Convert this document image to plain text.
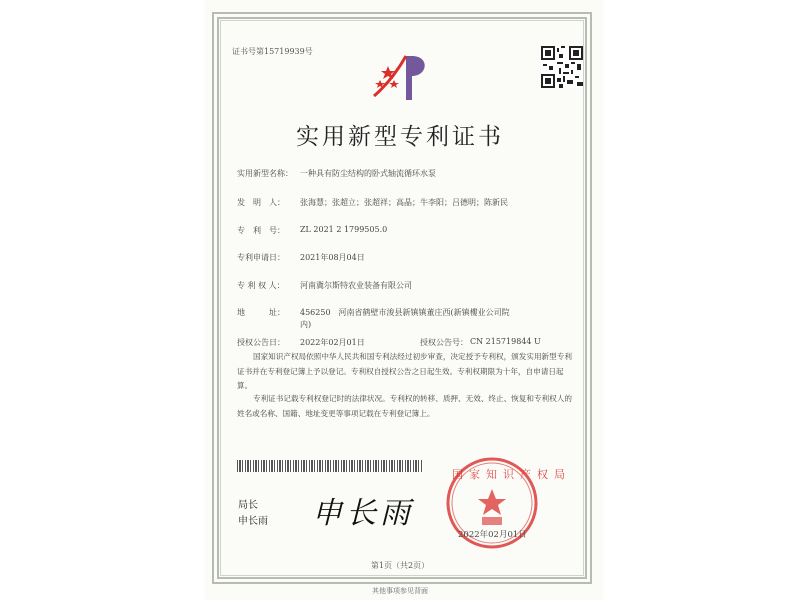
证书号第15719939号
实用新型专利证书
实用新型名称： 一种具有防尘结构的卧式轴流循环水泵
发　明　人： 张海慧；张超立；张超祥；高晶；牛李阳；吕德明；陈新民
专　利　号： ZL 2021 2 1799505.0
专利申请日： 2021年08月04日
专 利 权 人： 河南冀尔斯特农业装备有限公司
地　　　址： 456250　河南省鹤壁市浚县新镇镇董庄西(新镇樓业公司院
内)
授权公告日： 2022年02月01日	授权公告号： CN 215719844 U
国家知识产权局依照中华人民共和国专利法经过初步审查，决定授予专利权，颁发实用新型专利证书并在专利登记簿上予以登记。专利权自授权公告之日起生效。专利权期限为十年，自申请日起算。
专利证书记载专利权登记时的法律状况。专利权的转移、质押、无效、终止、恢复和专利权人的姓名或名称、国籍、地址变更等事项记载在专利登记簿上。
局长
申长雨 申长雨
国家知识产权局
2022年02月01日
第1页（共2页）
其他事项参见背面
